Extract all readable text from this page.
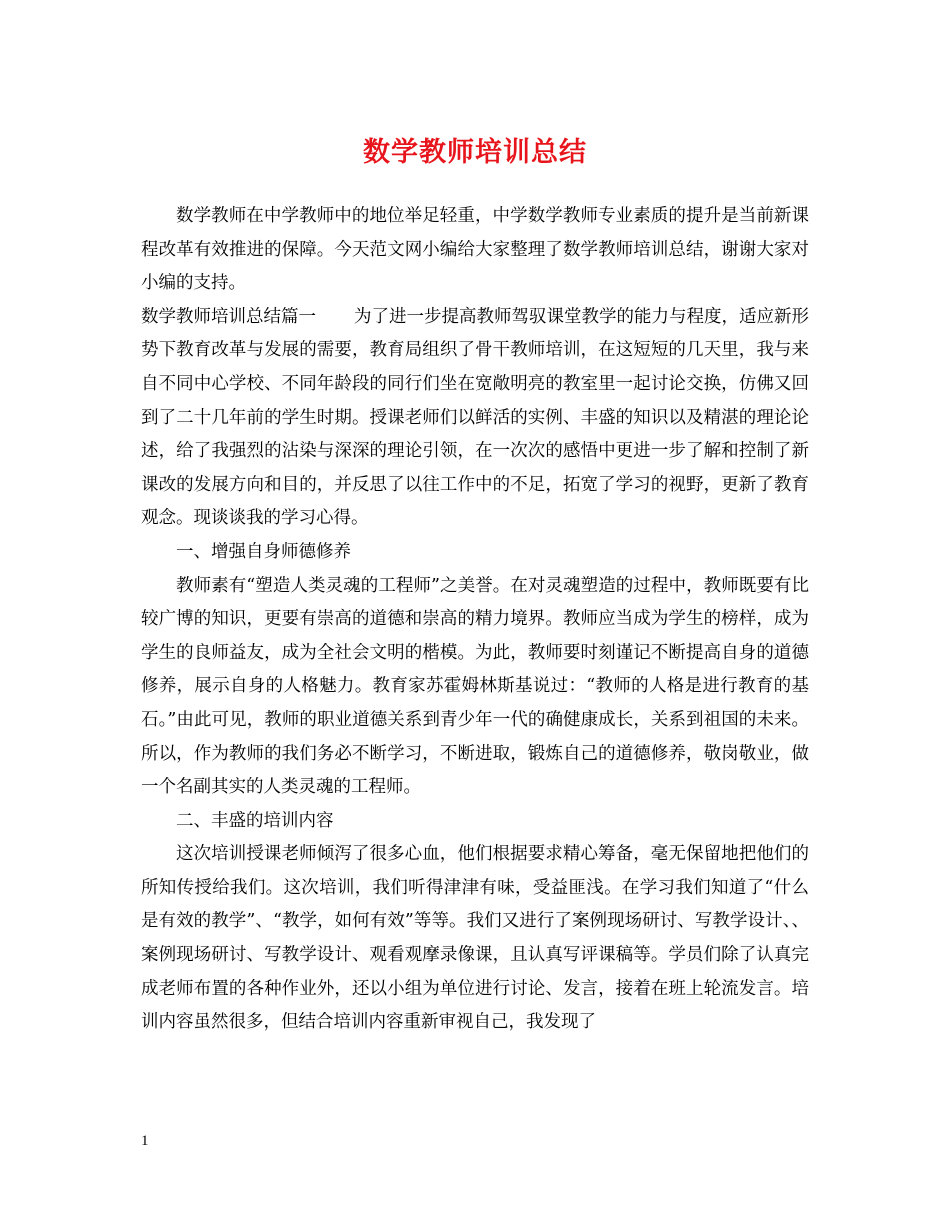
数学教师培训总结

数学教师在中学教师中的地位举足轻重，中学数学教师专业素质的提升是当前新课程改革有效推进的保障。今天范文网小编给大家整理了数学教师培训总结，谢谢大家对小编的支持。

数学教师培训总结篇一 为了进一步提高教师驾驭课堂教学的能力与程度，适应新形势下教育改革与发展的需要，教育局组织了骨干教师培训，在这短短的几天里，我与来自不同中心学校、不同年龄段的同行们坐在宽敞明亮的教室里一起讨论交换，仿佛又回到了二十几年前的学生时期。授课老师们以鲜活的实例、丰盛的知识以及精湛的理论论述，给了我强烈的沾染与深深的理论引领，在一次次的感悟中更进一步了解和控制了新课改的发展方向和目的，并反思了以往工作中的不足，拓宽了学习的视野，更新了教育观念。现谈谈我的学习心得。

一、增强自身师德修养

教师素有“塑造人类灵魂的工程师”之美誉。在对灵魂塑造的过程中，教师既要有比较广博的知识，更要有崇高的道德和崇高的精力境界。教师应当成为学生的榜样，成为学生的良师益友，成为全社会文明的楷模。为此，教师要时刻谨记不断提高自身的道德修养，展示自身的人格魅力。教育家苏霍姆林斯基说过：“教师的人格是进行教育的基石。”由此可见，教师的职业道德关系到青少年一代的确健康成长，关系到祖国的未来。所以，作为教师的我们务必不断学习，不断进取，锻炼自己的道德修养，敬岗敬业，做一个名副其实的人类灵魂的工程师。

二、丰盛的培训内容

这次培训授课老师倾泻了很多心血，他们根据要求精心筹备，毫无保留地把他们的所知传授给我们。这次培训，我们听得津津有味，受益匪浅。在学习我们知道了“什么是有效的教学”、“教学，如何有效”等等。我们又进行了案例现场研讨、写教学设计、、案例现场研讨、写教学设计、观看观摩录像课，且认真写评课稿等。学员们除了认真完成老师布置的各种作业外，还以小组为单位进行讨论、发言，接着在班上轮流发言。培训内容虽然很多，但结合培训内容重新审视自己，我发现了

1
